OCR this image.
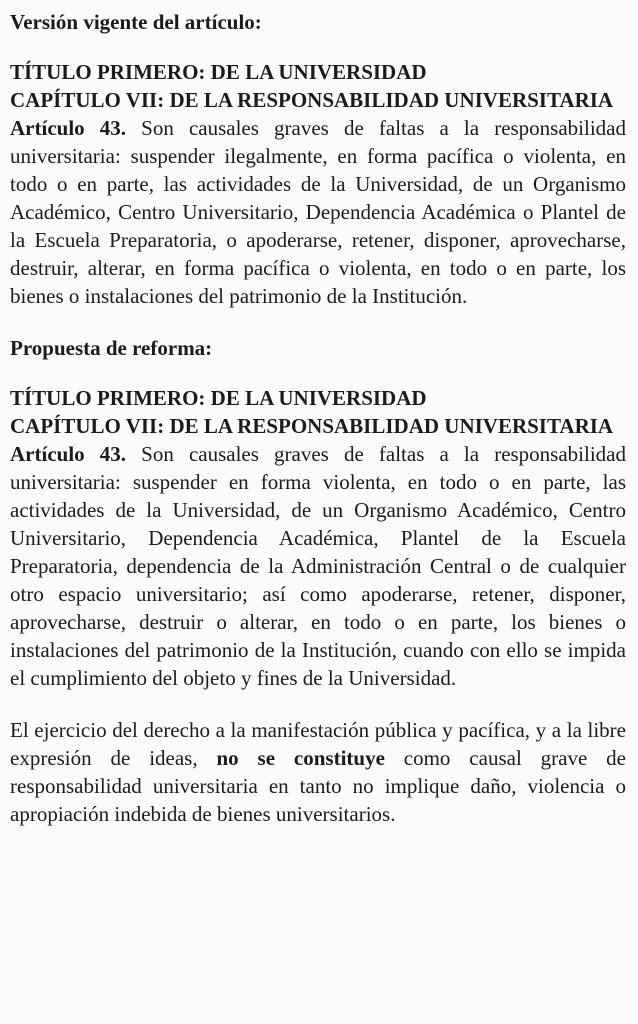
Versión vigente del artículo:

TÍTULO PRIMERO: DE LA UNIVERSIDAD

CAPÍTULO VII: DE LA RESPONSABILIDAD UNIVERSITARIA

Artículo 43. Son causales graves de faltas a la responsabilidad universitaria: suspender ilegalmente, en forma pacífica o violenta, en todo o en parte, las actividades de la Universidad, de un Organismo Académico, Centro Universitario, Dependencia Académica o Plantel de la Escuela Preparatoria, o apoderarse, retener, disponer, aprovecharse, destruir, alterar, en forma pacífica o violenta, en todo o en parte, los bienes o instalaciones del patrimonio de la Institución.

Propuesta de reforma:

TÍTULO PRIMERO: DE LA UNIVERSIDAD

CAPÍTULO VII: DE LA RESPONSABILIDAD UNIVERSITARIA

Artículo 43. Son causales graves de faltas a la responsabilidad universitaria: suspender en forma violenta, en todo o en parte, las actividades de la Universidad, de un Organismo Académico, Centro Universitario, Dependencia Académica, Plantel de la Escuela Preparatoria, dependencia de la Administración Central o de cualquier otro espacio universitario; así como apoderarse, retener, disponer, aprovecharse, destruir o alterar, en todo o en parte, los bienes o instalaciones del patrimonio de la Institución, cuando con ello se impida el cumplimiento del objeto y fines de la Universidad.

El ejercicio del derecho a la manifestación pública y pacífica, y a la libre expresión de ideas, no se constituye como causal grave de responsabilidad universitaria en tanto no implique daño, violencia o apropiación indebida de bienes universitarios.
